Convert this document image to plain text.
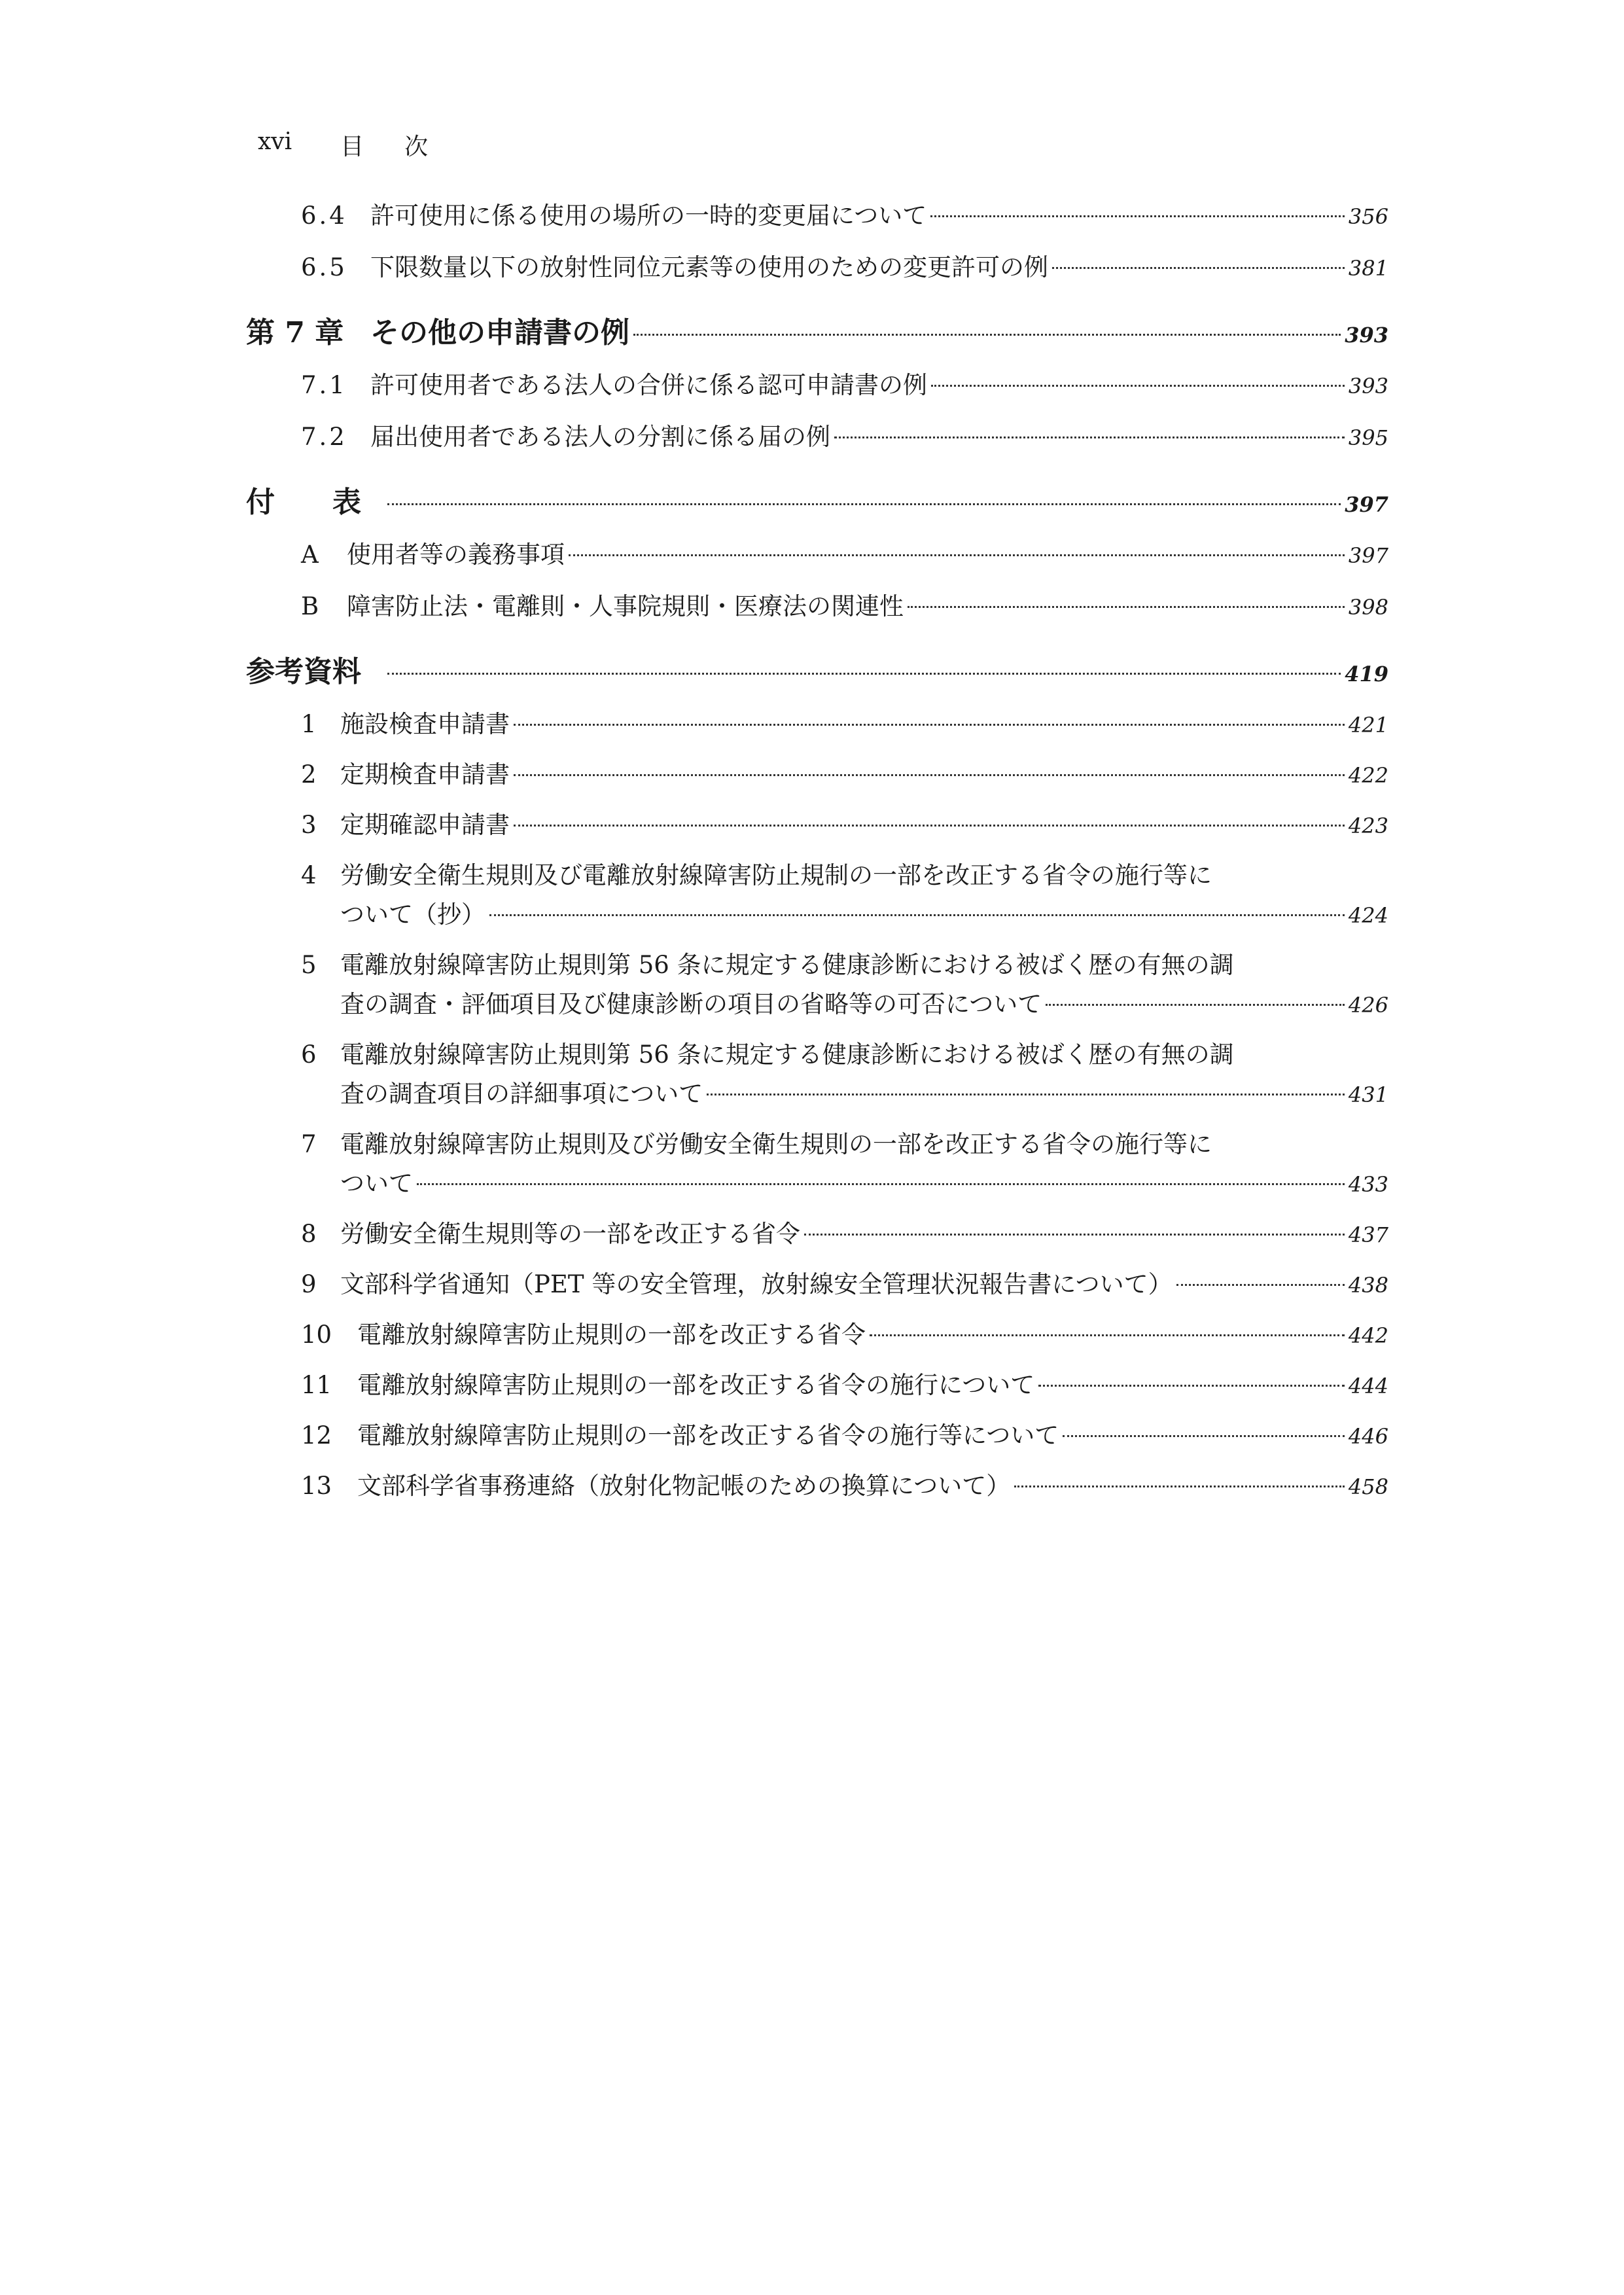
xvi 目次
6.4 許可使用に係る使用の場所の一時的変更届について	356
6.5 下限数量以下の放射性同位元素等の使用のための変更許可の例	381
第 7 章 その他の申請書の例	393
7.1 許可使用者である法人の合併に係る認可申請書の例	393
7.2 届出使用者である法人の分割に係る届の例	395
付　　表	397
A	使用者等の義務事項	397
B	障害防止法・電離則・人事院規則・医療法の関連性	398
参考資料	419
1 施設検査申請書	421
2 定期検査申請書	422
3 定期確認申請書	423
4 労働安全衛生規則及び電離放射線障害防止規制の一部を改正する省令の施行等に
ついて（抄）	424
5 電離放射線障害防止規則第 56 条に規定する健康診断における被ばく歴の有無の調
査の調査・評価項目及び健康診断の項目の省略等の可否について	426
6 電離放射線障害防止規則第 56 条に規定する健康診断における被ばく歴の有無の調
査の調査項目の詳細事項について	431
7 電離放射線障害防止規則及び労働安全衛生規則の一部を改正する省令の施行等に
ついて	433
8 労働安全衛生規則等の一部を改正する省令	437
9 文部科学省通知（PET 等の安全管理，放射線安全管理状況報告書について）	438
10	電離放射線障害防止規則の一部を改正する省令	442
11	電離放射線障害防止規則の一部を改正する省令の施行について	444
12	電離放射線障害防止規則の一部を改正する省令の施行等について	446
13	文部科学省事務連絡（放射化物記帳のための換算について）	458
